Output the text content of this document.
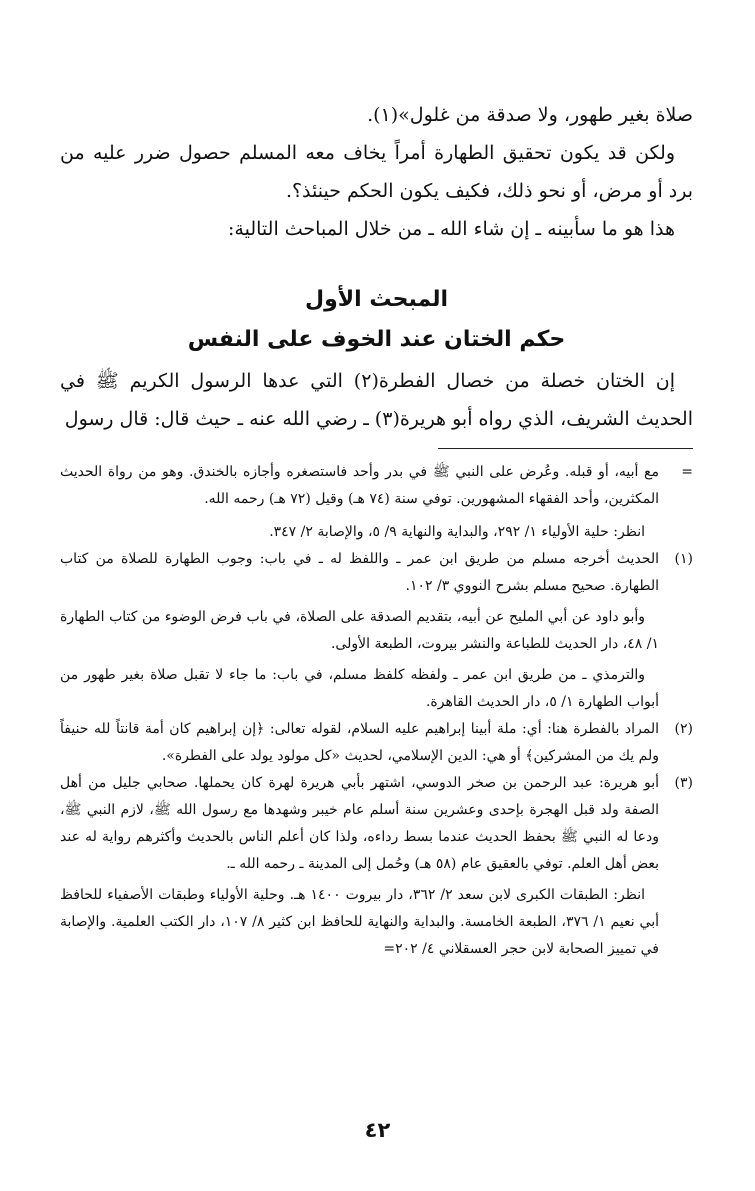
صلاة بغير طهور، ولا صدقة من غلول»(١).

ولكن قد يكون تحقيق الطهارة أمراً يخاف معه المسلم حصول ضرر عليه من برد أو مرض، أو نحو ذلك، فكيف يكون الحكم حينئذ؟.

هذا هو ما سأبينه ـ إن شاء الله ـ من خلال المباحث التالية:

المبحث الأول
حكم الختان عند الخوف على النفس

إن الختان خصلة من خصال الفطرة(٢) التي عدها الرسول الكريم ﷺ في الحديث الشريف، الذي رواه أبو هريرة(٣) ـ رضي الله عنه ـ حيث قال: قال رسول

=
مع أبيه، أو قبله. وعُرض على النبي ﷺ في بدر وأحد فاستصغره وأجازه بالخندق. وهو من رواة الحديث المكثرين، وأحد الفقهاء المشهورين. توفي سنة (٧٤ هـ) وقيل (٧٢ هـ) رحمه الله.

انظر: حلية الأولياء ١/ ٢٩٢، والبداية والنهاية ٩/ ٥، والإصابة ٢/ ٣٤٧.

(١)
الحديث أخرجه مسلم من طريق ابن عمر ـ واللفظ له ـ في باب: وجوب الطهارة للصلاة من كتاب الطهارة. صحيح مسلم بشرح النووي ٣/ ١٠٢.

وأبو داود عن أبي المليح عن أبيه، بتقديم الصدقة على الصلاة، في باب فرض الوضوء من كتاب الطهارة ١/ ٤٨، دار الحديث للطباعة والنشر بيروت، الطبعة الأولى.

والترمذي ـ من طريق ابن عمر ـ ولفظه كلفظ مسلم، في باب: ما جاء لا تقبل صلاة بغير طهور من أبواب الطهارة ١/ ٥، دار الحديث القاهرة.

(٢)
المراد بالفطرة هنا: أي: ملة أبينا إبراهيم عليه السلام، لقوله تعالى: ﴿إن إبراهيم كان أمة قانتاً لله حنيفاً ولم يك من المشركين﴾ أو هي: الدين الإسلامي، لحديث «كل مولود يولد على الفطرة».
(٣)
أبو هريرة: عبد الرحمن بن صخر الدوسي، اشتهر بأبي هريرة لهرة كان يحملها. صحابي جليل من أهل الصفة ولد قبل الهجرة بإحدى وعشرين سنة أسلم عام خيبر وشهدها مع رسول الله ﷺ، لازم النبي ﷺ، ودعا له النبي ﷺ بحفظ الحديث عندما بسط رداءه، ولذا كان أعلم الناس بالحديث وأكثرهم رواية له عند بعض أهل العلم. توفي بالعقيق عام (٥٨ هـ) وحُمل إلى المدينة ـ رحمه الله ـ.

انظر: الطبقات الكبرى لابن سعد ٢/ ٣٦٢، دار بيروت ١٤٠٠ هـ. وحلية الأولياء وطبقات الأصفياء للحافظ أبي نعيم ١/ ٣٧٦، الطبعة الخامسة. والبداية والنهاية للحافظ ابن كثير ٨/ ١٠٧، دار الكتب العلمية. والإصابة في تمييز الصحابة لابن حجر العسقلاني ٤/ ٢٠٢=

٤٢
